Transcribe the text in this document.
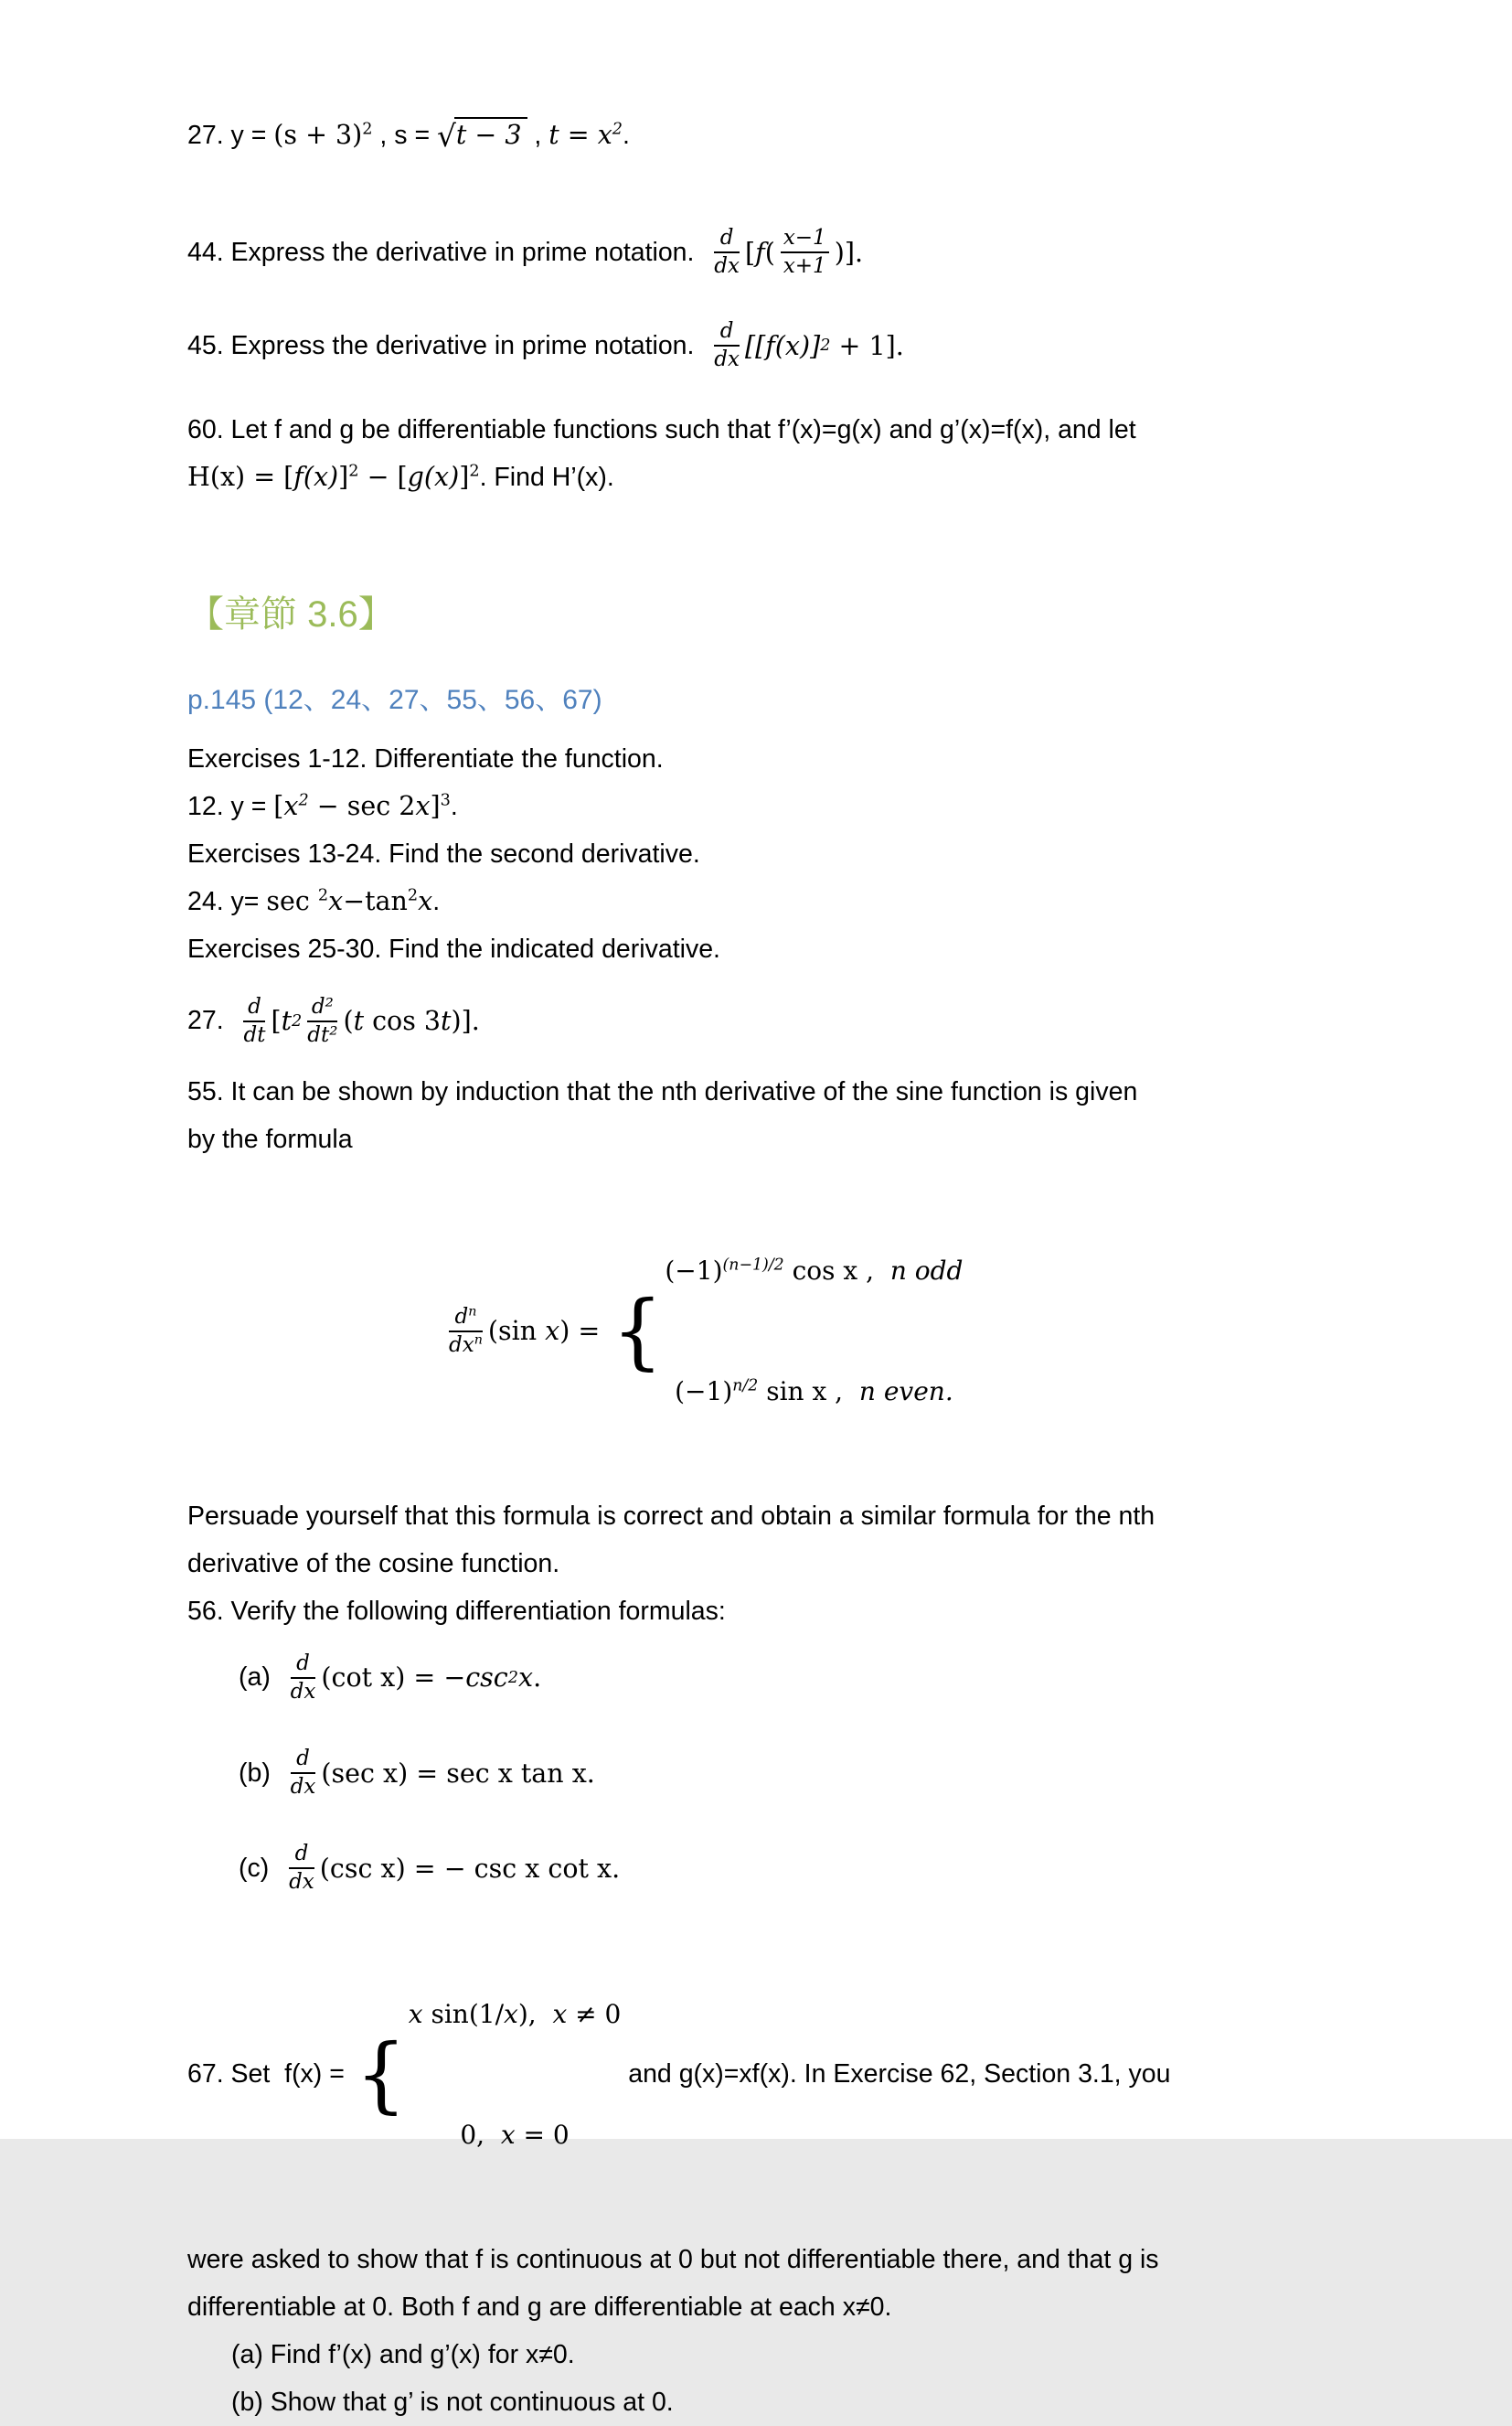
27. $y = (s + 3)^2$ , s = √t − 3 , $t = x^2$.

44. Express the derivative in prime notation. $\frac{d}{dx}$ [ f ( $\frac{x-1}{x+1}$ )].
45. Express the derivative in prime notation. $\frac{d}{dx} [[f(x)] 2 + 1]$.

60. Let f and g be differentiable functions such that f’(x)=g(x) and g’(x)=f(x), and let

$H(x) = [f(x)]^2 - [g(x)]^2$. Find H’(x).

【章節 3.6】

p.145 (12、24、27、55、56、67)

Exercises 1-12. Differentiate the function.

12. $y = [x^2 - \sec 2x]^3$.

Exercises 13-24. Find the second derivative.

24. $y= \sec ^2x-\tan^2x$.

Exercises 25-30. Find the indicated derivative.

27. $\frac{d}{dt}$ [ t $2 \frac{\text{d²}}{\text{dt²}}$ ( t cos 3 t )].

55. It can be shown by induction that the nth derivative of the sine function is given

by the formula

$\frac{d^n}{dx^n} (\sin$ x ) = {

$(-1)^{(n-1)/2}$ cos x ,  n odd

$(-1)^{n/2}$ sin x ,  n even.

Persuade yourself that this formula is correct and obtain a similar formula for the nth

derivative of the cosine function.

56. Verify the following differentiation formulas:

$(a) \frac{d}{dx} (\cot$ x) = − csc 2 x .
$(b) \frac{d}{dx} (\sec$ x) = sec x tan x.
$(c) \frac{d}{dx} (\csc$ x) = − csc x cot x.
67. Set  f(x) = {

x sin(1/x),  x ≠ 0

0,  x = 0

and g(x)=xf(x). In Exercise 62, Section 3.1, you

were asked to show that f is continuous at 0 but not differentiable there, and that g is

differentiable at 0. Both f and g are differentiable at each x≠0.

(a) Find f’(x) and g’(x) for x≠0.

(b) Show that g’ is not continuous at 0.
